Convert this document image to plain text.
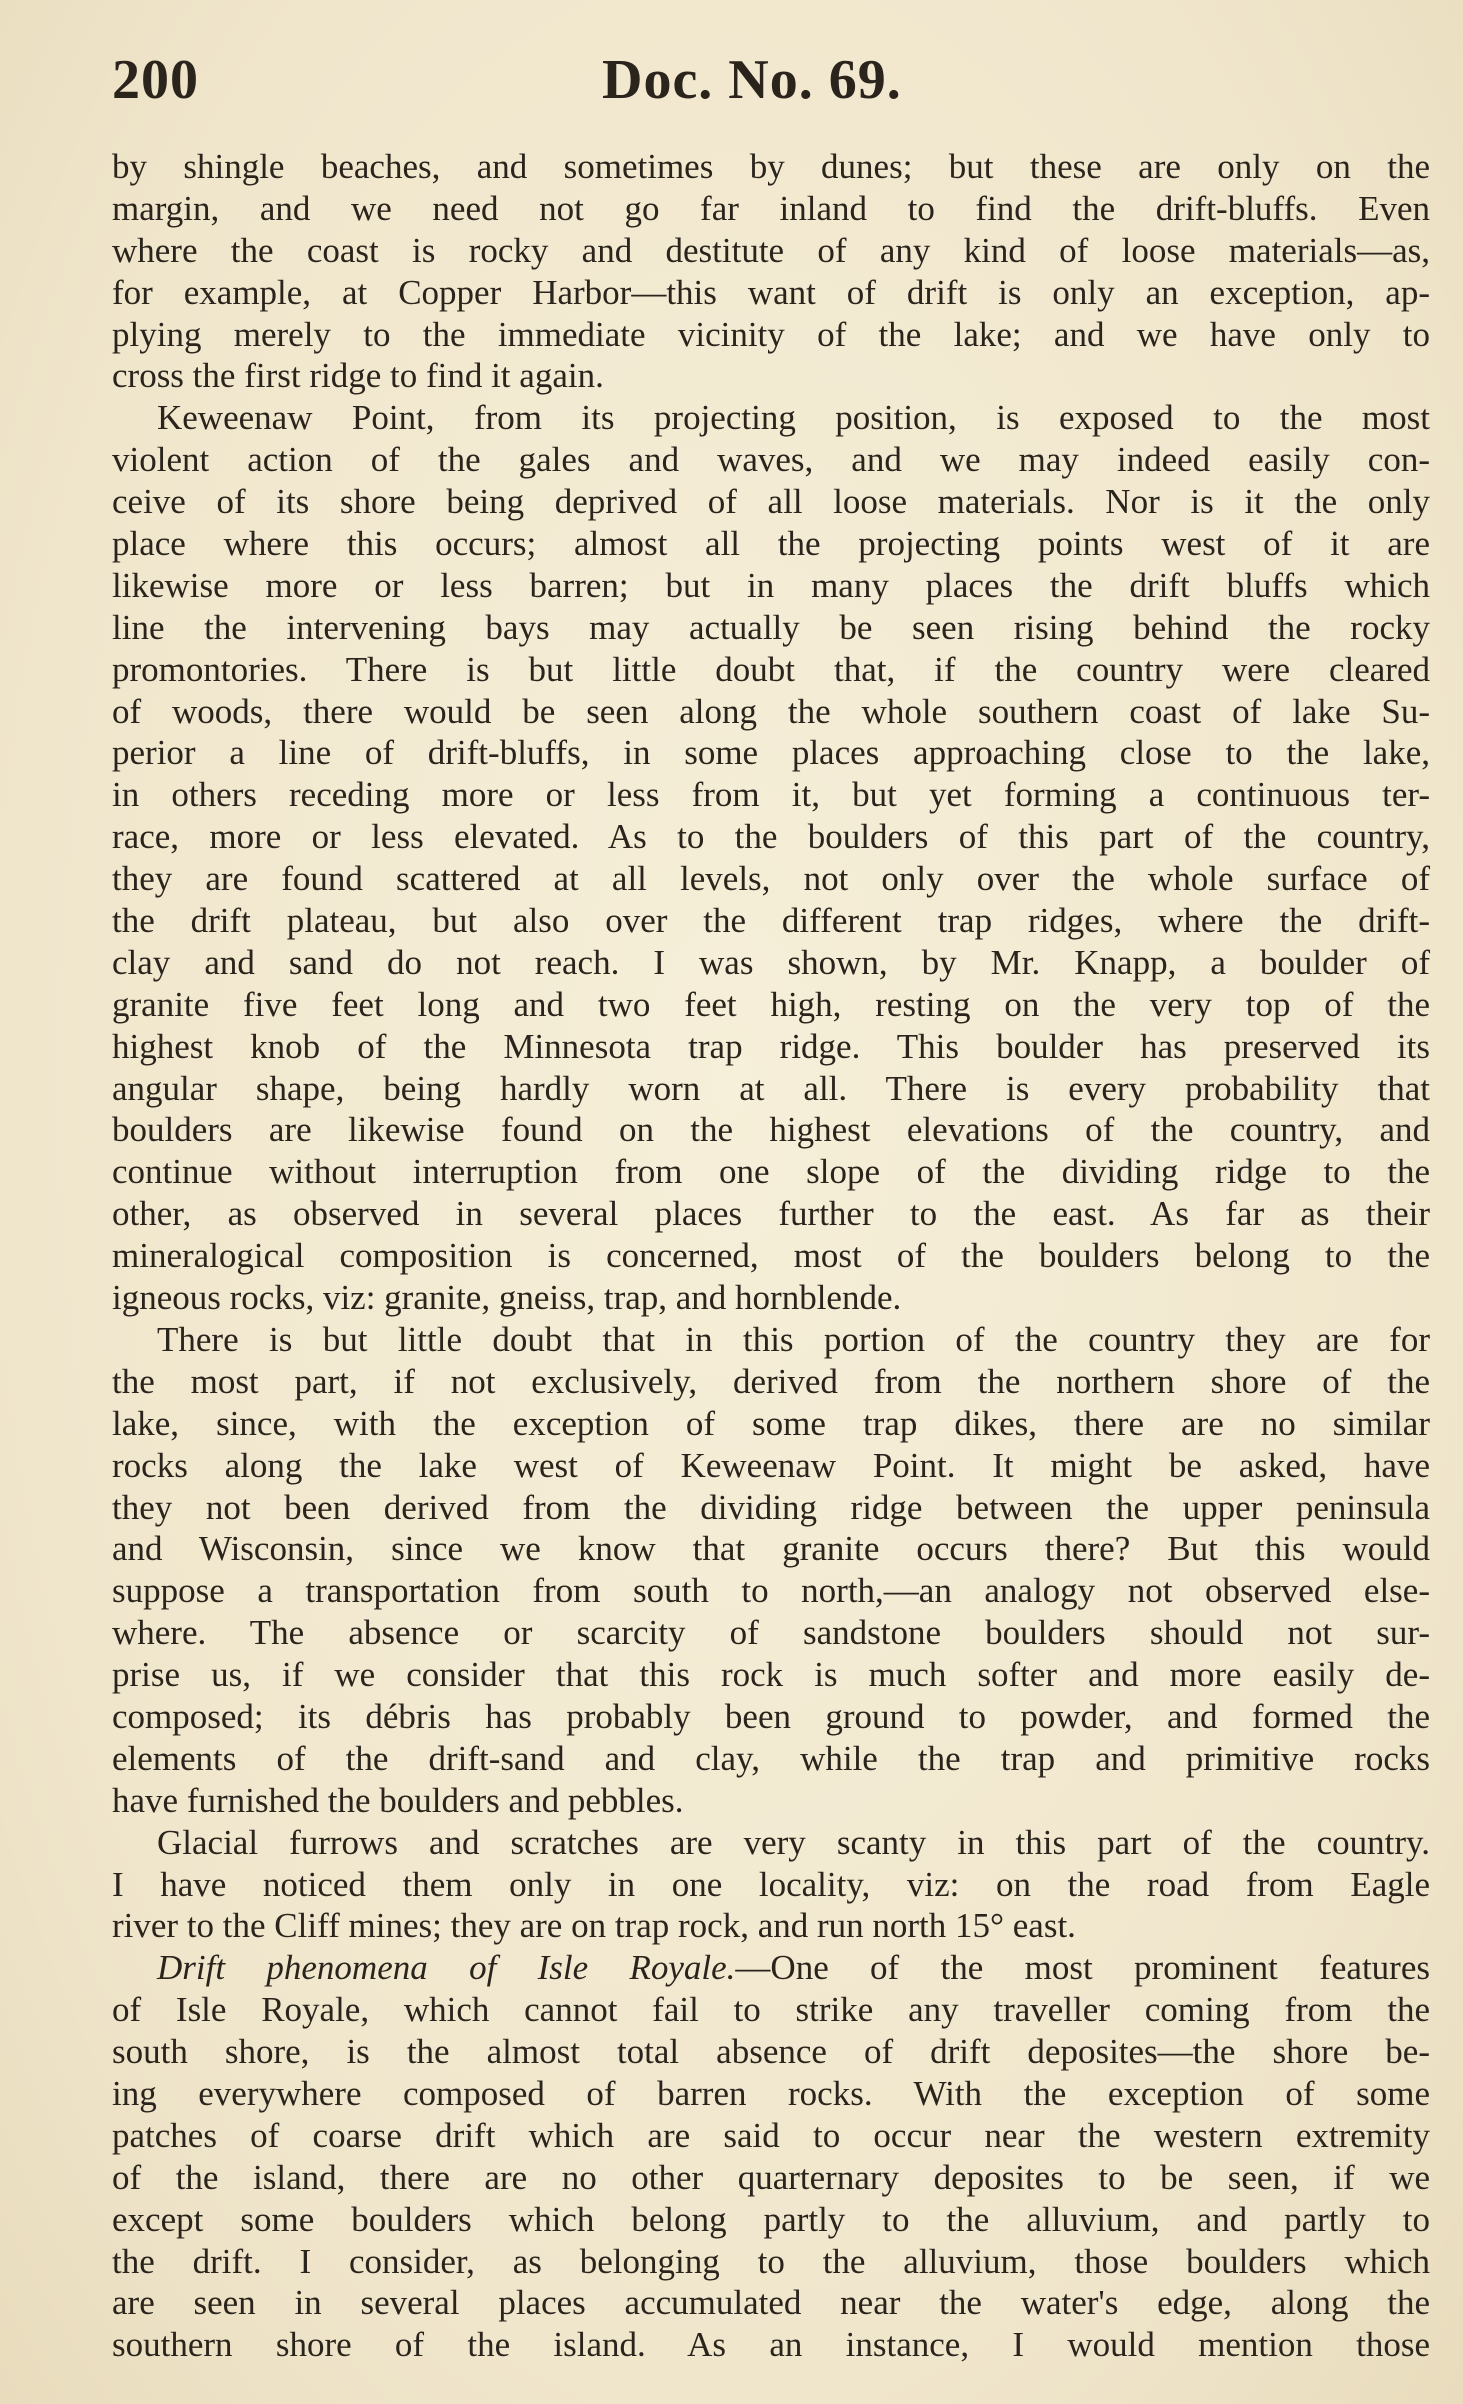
200	Doc. No. 69.
by shingle beaches, and sometimes by dunes; but these are only on the
margin, and we need not go far inland to find the drift-bluffs. Even
where the coast is rocky and destitute of any kind of loose materials—as,
for example, at Copper Harbor—this want of drift is only an exception, ap-
plying merely to the immediate vicinity of the lake; and we have only to
cross the first ridge to find it again.
Keweenaw Point, from its projecting position, is exposed to the most
violent action of the gales and waves, and we may indeed easily con-
ceive of its shore being deprived of all loose materials. Nor is it the only
place where this occurs; almost all the projecting points west of it are
likewise more or less barren; but in many places the drift bluffs which
line the intervening bays may actually be seen rising behind the rocky
promontories. There is but little doubt that, if the country were cleared
of woods, there would be seen along the whole southern coast of lake Su-
perior a line of drift-bluffs, in some places approaching close to the lake,
in others receding more or less from it, but yet forming a continuous ter-
race, more or less elevated. As to the boulders of this part of the country,
they are found scattered at all levels, not only over the whole surface of
the drift plateau, but also over the different trap ridges, where the drift-
clay and sand do not reach. I was shown, by Mr. Knapp, a boulder of
granite five feet long and two feet high, resting on the very top of the
highest knob of the Minnesota trap ridge. This boulder has preserved its
angular shape, being hardly worn at all. There is every probability that
boulders are likewise found on the highest elevations of the country, and
continue without interruption from one slope of the dividing ridge to the
other, as observed in several places further to the east. As far as their
mineralogical composition is concerned, most of the boulders belong to the
igneous rocks, viz: granite, gneiss, trap, and hornblende.
There is but little doubt that in this portion of the country they are for
the most part, if not exclusively, derived from the northern shore of the
lake, since, with the exception of some trap dikes, there are no similar
rocks along the lake west of Keweenaw Point. It might be asked, have
they not been derived from the dividing ridge between the upper peninsula
and Wisconsin, since we know that granite occurs there? But this would
suppose a transportation from south to north,—an analogy not observed else-
where. The absence or scarcity of sandstone boulders should not sur-
prise us, if we consider that this rock is much softer and more easily de-
composed; its débris has probably been ground to powder, and formed the
elements of the drift-sand and clay, while the trap and primitive rocks
have furnished the boulders and pebbles.
Glacial furrows and scratches are very scanty in this part of the country.
I have noticed them only in one locality, viz: on the road from Eagle
river to the Cliff mines; they are on trap rock, and run north 15° east.
Drift phenomena of Isle Royale.—One of the most prominent features
of Isle Royale, which cannot fail to strike any traveller coming from the
south shore, is the almost total absence of drift deposites—the shore be-
ing everywhere composed of barren rocks. With the exception of some
patches of coarse drift which are said to occur near the western extremity
of the island, there are no other quarternary deposites to be seen, if we
except some boulders which belong partly to the alluvium, and partly to
the drift. I consider, as belonging to the alluvium, those boulders which
are seen in several places accumulated near the water's edge, along the
southern shore of the island. As an instance, I would mention those
